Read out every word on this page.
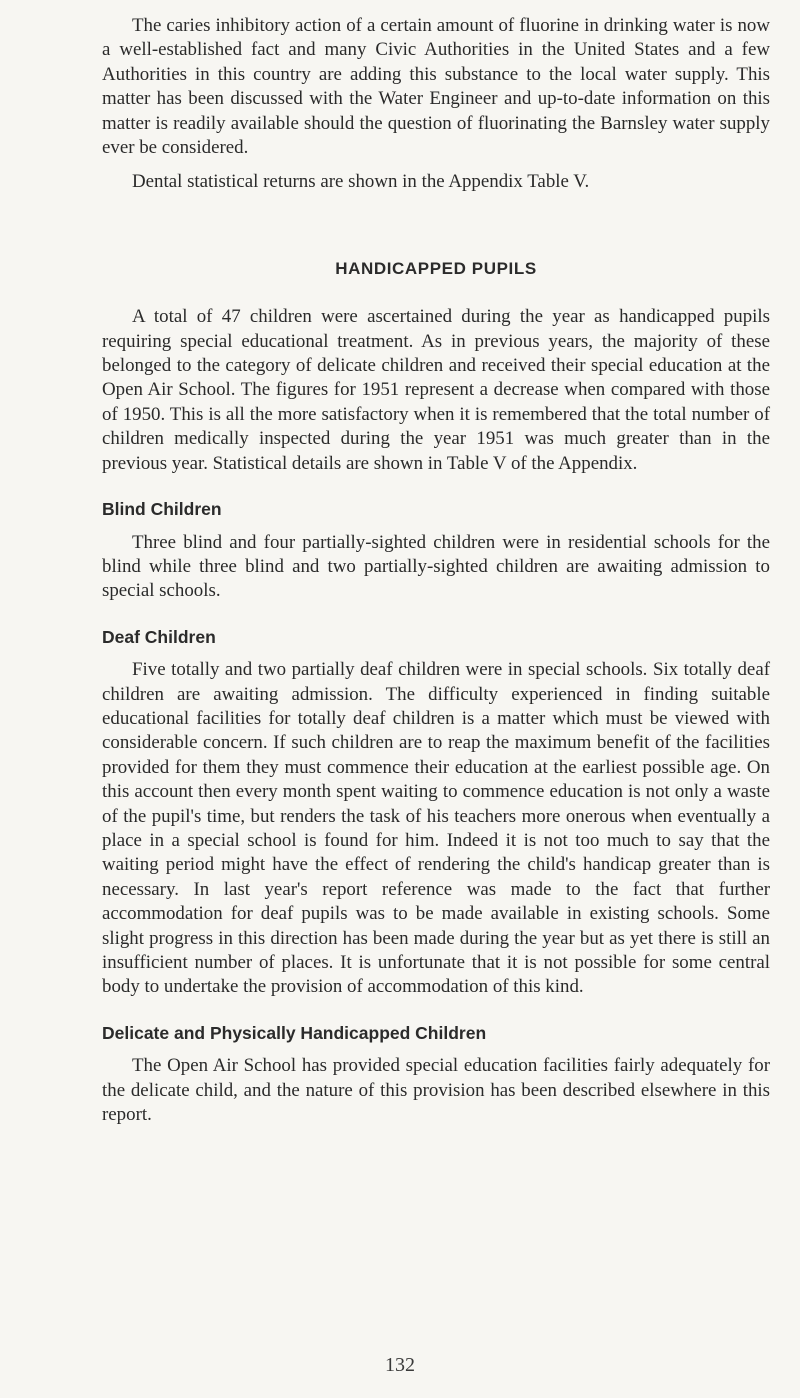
The caries inhibitory action of a certain amount of fluorine in drinking water is now a well-established fact and many Civic Authorities in the United States and a few Authorities in this country are adding this substance to the local water supply. This matter has been discussed with the Water Engineer and up-to-date information on this matter is readily available should the question of fluorinating the Barnsley water supply ever be considered.

Dental statistical returns are shown in the Appendix Table V.

HANDICAPPED PUPILS

A total of 47 children were ascertained during the year as handicapped pupils requiring special educational treatment. As in previous years, the majority of these belonged to the category of delicate children and received their special education at the Open Air School. The figures for 1951 represent a decrease when compared with those of 1950. This is all the more satisfactory when it is remembered that the total number of children medically inspected during the year 1951 was much greater than in the previous year. Statistical details are shown in Table V of the Appendix.

Blind Children

Three blind and four partially-sighted children were in residential schools for the blind while three blind and two partially-sighted children are awaiting admission to special schools.

Deaf Children

Five totally and two partially deaf children were in special schools. Six totally deaf children are awaiting admission. The difficulty experienced in finding suitable educational facilities for totally deaf children is a matter which must be viewed with considerable concern. If such children are to reap the maximum benefit of the facilities provided for them they must commence their education at the earliest possible age. On this account then every month spent waiting to commence education is not only a waste of the pupil's time, but renders the task of his teachers more onerous when eventually a place in a special school is found for him. Indeed it is not too much to say that the waiting period might have the effect of rendering the child's handicap greater than is necessary. In last year's report reference was made to the fact that further accommodation for deaf pupils was to be made available in existing schools. Some slight progress in this direction has been made during the year but as yet there is still an insufficient number of places. It is unfortunate that it is not possible for some central body to undertake the provision of accommodation of this kind.

Delicate and Physically Handicapped Children

The Open Air School has provided special education facilities fairly adequately for the delicate child, and the nature of this provision has been described elsewhere in this report.

132
